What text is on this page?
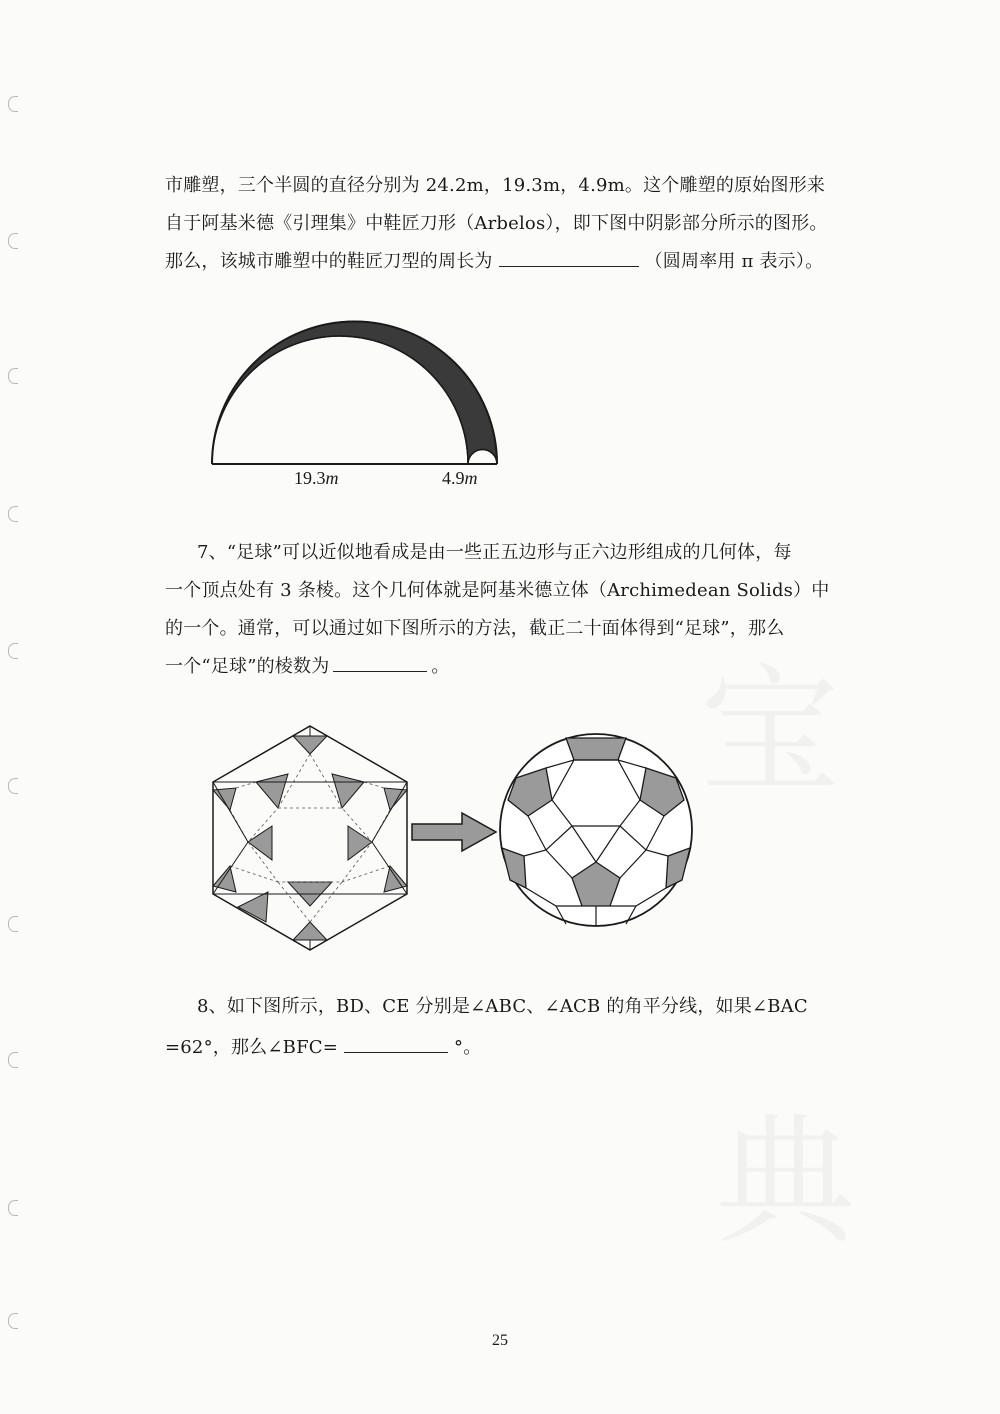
宝
典
市雕塑，三个半圆的直径分别为 24.2m，19.3m，4.9m。这个雕塑的原始图形来
自于阿基米德《引理集》中鞋匠刀形（Arbelos），即下图中阴影部分所示的图形。
那么，该城市雕塑中的鞋匠刀型的周长为	（圆周率用 π 表示）。
19.3m	4.9m
7、“足球”可以近似地看成是由一些正五边形与正六边形组成的几何体，每
一个顶点处有 3 条棱。这个几何体就是阿基米德立体（Archimedean Solids）中
的一个。通常，可以通过如下图所示的方法，截正二十面体得到“足球”，那么
一个“足球”的棱数为	。
8、如下图所示，BD、CE 分别是∠ABC、∠ACB 的角平分线，如果∠BAC
=62°，那么∠BFC=	°。
25
